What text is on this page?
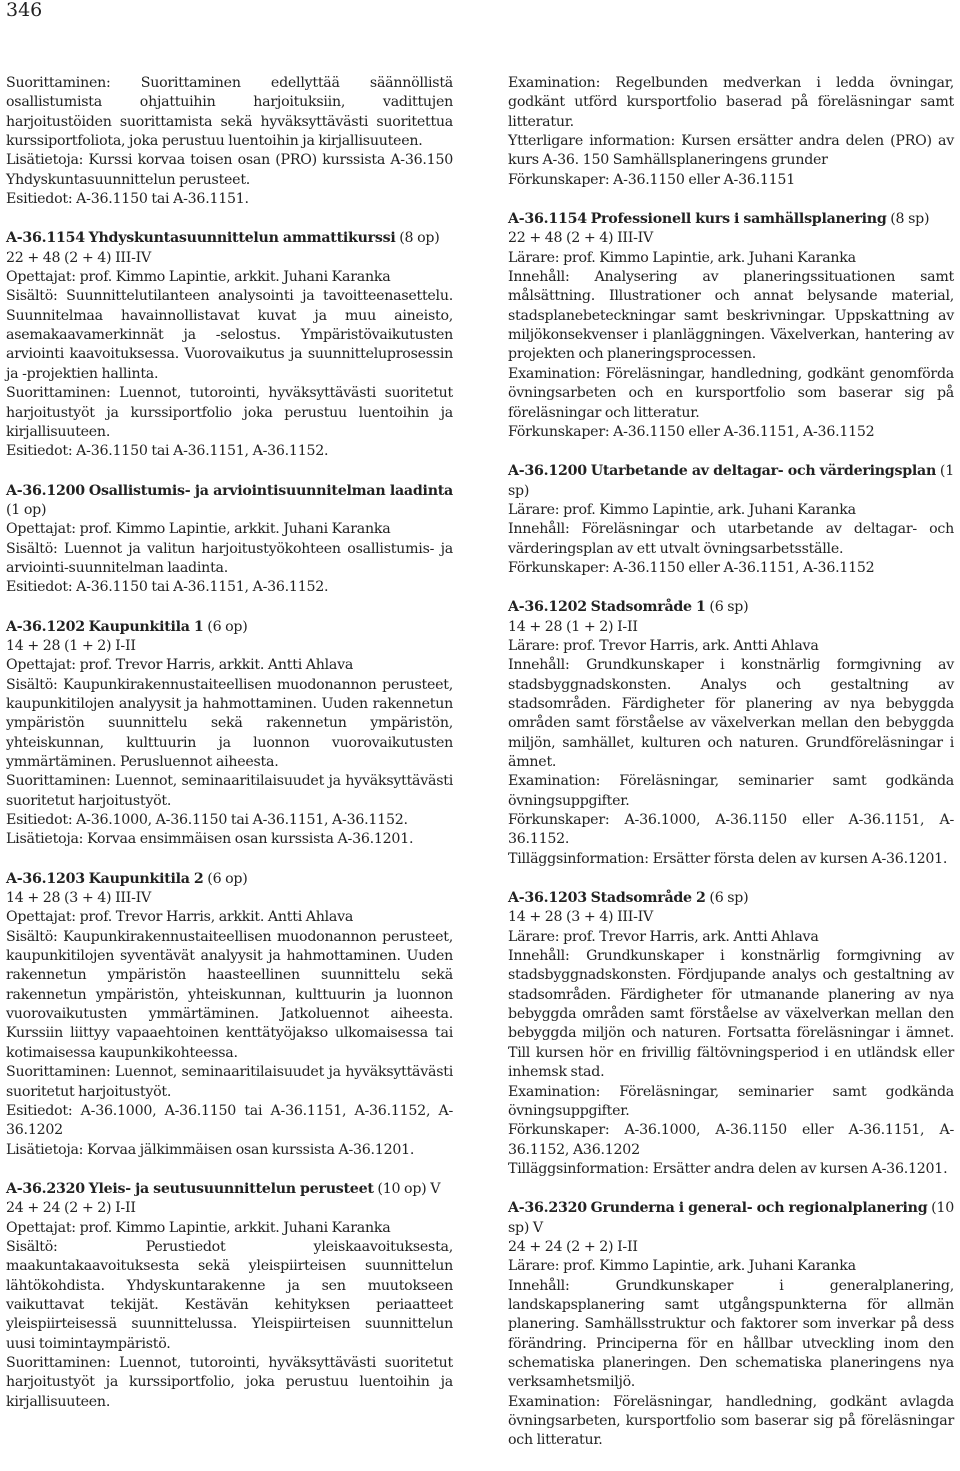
346

Suorittaminen: Suorittaminen edellyttää säännöllistä osallistumista ohjattuihin harjoituksiin, vadittujen harjoitustöiden suorittamista sekä hyväksyttävästi suoritettua kurssiportfoliota, joka perustuu luentoihin ja kirjallisuuteen.

Lisätietoja: Kurssi korvaa toisen osan (PRO) kurssista A-36.150 Yhdyskuntasuunnittelun perusteet.

Esitiedot: A-36.1150 tai A-36.1151.

A-36.1154 Yhdyskuntasuunnittelun ammattikurssi (8 op)

22 + 48 (2 + 4) III-IV

Opettajat: prof. Kimmo Lapintie, arkkit. Juhani Karanka

Sisältö: Suunnittelutilanteen analysointi ja tavoitteenasettelu. Suunnitelmaa havainnollistavat kuvat ja muu aineisto, asemakaavamerkinnät ja -selostus. Ympäristövaikutusten arviointi kaavoituksessa. Vuorovaikutus ja suunnitteluprosessin ja -projektien hallinta.

Suorittaminen: Luennot, tutorointi, hyväksyttävästi suoritetut harjoitustyöt ja kurssiportfolio joka perustuu luentoihin ja kirjallisuuteen.

Esitiedot: A-36.1150 tai A-36.1151, A-36.1152.

A-36.1200 Osallistumis- ja arviointisuunnitelman laadinta (1 op)

Opettajat: prof. Kimmo Lapintie, arkkit. Juhani Karanka

Sisältö: Luennot ja valitun harjoitustyökohteen osallistumis- ja arviointi-suunnitelman laadinta.

Esitiedot: A-36.1150 tai A-36.1151, A-36.1152.

A-36.1202 Kaupunkitila 1 (6 op)

14 + 28 (1 + 2) I-II

Opettajat: prof. Trevor Harris, arkkit. Antti Ahlava

Sisältö: Kaupunkirakennustaiteellisen muodonannon perusteet, kaupunkitilojen analyysit ja hahmottaminen. Uuden rakennetun ympäristön suunnittelu sekä rakennetun ympäristön, yhteiskunnan, kulttuurin ja luonnon vuorovaikutusten ymmärtäminen. Perusluennot aiheesta.

Suorittaminen: Luennot, seminaaritilaisuudet ja hyväksyttävästi suoritetut harjoitustyöt.

Esitiedot: A-36.1000, A-36.1150 tai A-36.1151, A-36.1152.

Lisätietoja: Korvaa ensimmäisen osan kurssista A-36.1201.

A-36.1203 Kaupunkitila 2 (6 op)

14 + 28 (3 + 4) III-IV

Opettajat: prof. Trevor Harris, arkkit. Antti Ahlava

Sisältö: Kaupunkirakennustaiteellisen muodonannon perusteet, kaupunkitilojen syventävät analyysit ja hahmottaminen. Uuden rakennetun ympäristön haasteellinen suunnittelu sekä rakennetun ympäristön, yhteiskunnan, kulttuurin ja luonnon vuorovaikutusten ymmärtäminen. Jatkoluennot aiheesta. Kurssiin liittyy vapaaehtoinen kenttätyöjakso ulkomaisessa tai kotimaisessa kaupunkikohteessa.

Suorittaminen: Luennot, seminaaritilaisuudet ja hyväksyttävästi suoritetut harjoitustyöt.

Esitiedot: A-36.1000, A-36.1150 tai A-36.1151, A-36.1152, A-36.1202

Lisätietoja: Korvaa jälkimmäisen osan kurssista A-36.1201.

A-36.2320 Yleis- ja seutusuunnittelun perusteet (10 op) V

24 + 24 (2 + 2) I-II

Opettajat: prof. Kimmo Lapintie, arkkit. Juhani Karanka

Sisältö: Perustiedot yleiskaavoituksesta, maakuntakaavoituksesta sekä yleispiirteisen suunnittelun lähtökohdista. Yhdyskuntarakenne ja sen muutokseen vaikuttavat tekijät. Kestävän kehityksen periaatteet yleispiirteisessä suunnittelussa. Yleispiirteisen suunnittelun uusi toimintaympäristö.

Suorittaminen: Luennot, tutorointi, hyväksyttävästi suoritetut harjoitustyöt ja kurssiportfolio, joka perustuu luentoihin ja kirjallisuuteen.

Examination: Regelbunden medverkan i ledda övningar, godkänt utförd kursportfolio baserad på föreläsningar samt litteratur.

Ytterligare information: Kursen ersätter andra delen (PRO) av kurs A-36. 150 Samhällsplaneringens grunder

Förkunskaper: A-36.1150 eller A-36.1151

A-36.1154 Professionell kurs i samhällsplanering (8 sp)

22 + 48 (2 + 4) III-IV

Lärare: prof. Kimmo Lapintie, ark. Juhani Karanka

Innehåll: Analysering av planeringssituationen samt målsättning. Illustrationer och annat belysande material, stadsplanebeteckningar samt beskrivningar. Uppskattning av miljökonsekvenser i planläggningen. Växelverkan, hantering av projekten och planeringsprocessen.

Examination: Föreläsningar, handledning, godkänt genomförda övningsarbeten och en kursportfolio som baserar sig på föreläsningar och litteratur.

Förkunskaper: A-36.1150 eller A-36.1151, A-36.1152

A-36.1200 Utarbetande av deltagar- och värderingsplan (1 sp)

Lärare: prof. Kimmo Lapintie, ark. Juhani Karanka

Innehåll: Föreläsningar och utarbetande av deltagar- och värderingsplan av ett utvalt övningsarbetsställe.

Förkunskaper: A-36.1150 eller A-36.1151, A-36.1152

A-36.1202 Stadsområde 1 (6 sp)

14 + 28 (1 + 2) I-II

Lärare: prof. Trevor Harris, ark. Antti Ahlava

Innehåll: Grundkunskaper i konstnärlig formgivning av stadsbyggnadskonsten. Analys och gestaltning av stadsområden. Färdigheter för planering av nya bebyggda områden samt förståelse av växelverkan mellan den bebyggda miljön, samhället, kulturen och naturen. Grundföreläsningar i ämnet.

Examination: Föreläsningar, seminarier samt godkända övningsuppgifter.

Förkunskaper: A-36.1000, A-36.1150 eller A-36.1151, A-36.1152.

Tilläggsinformation: Ersätter första delen av kursen A-36.1201.

A-36.1203 Stadsområde 2 (6 sp)

14 + 28 (3 + 4) III-IV

Lärare: prof. Trevor Harris, ark. Antti Ahlava

Innehåll: Grundkunskaper i konstnärlig formgivning av stadsbyggnadskonsten. Fördjupande analys och gestaltning av stadsområden. Färdigheter för utmanande planering av nya bebyggda områden samt förståelse av växelverkan mellan den bebyggda miljön och naturen. Fortsatta föreläsningar i ämnet. Till kursen hör en frivillig fältövningsperiod i en utländsk eller inhemsk stad.

Examination: Föreläsningar, seminarier samt godkända övningsuppgifter.

Förkunskaper: A-36.1000, A-36.1150 eller A-36.1151, A-36.1152, A36.1202

Tilläggsinformation: Ersätter andra delen av kursen A-36.1201.

A-36.2320 Grunderna i general- och regionalplanering (10 sp) V

24 + 24 (2 + 2) I-II

Lärare: prof. Kimmo Lapintie, ark. Juhani Karanka

Innehåll: Grundkunskaper i generalplanering, landskapsplanering samt utgångspunkterna för allmän planering. Samhällsstruktur och faktorer som inverkar på dess förändring. Principerna för en hållbar utveckling inom den schematiska planeringen. Den schematiska planeringens nya verksamhetsmiljö.

Examination: Föreläsningar, handledning, godkänt avlagda övningsarbeten, kursportfolio som baserar sig på föreläsningar och litteratur.
